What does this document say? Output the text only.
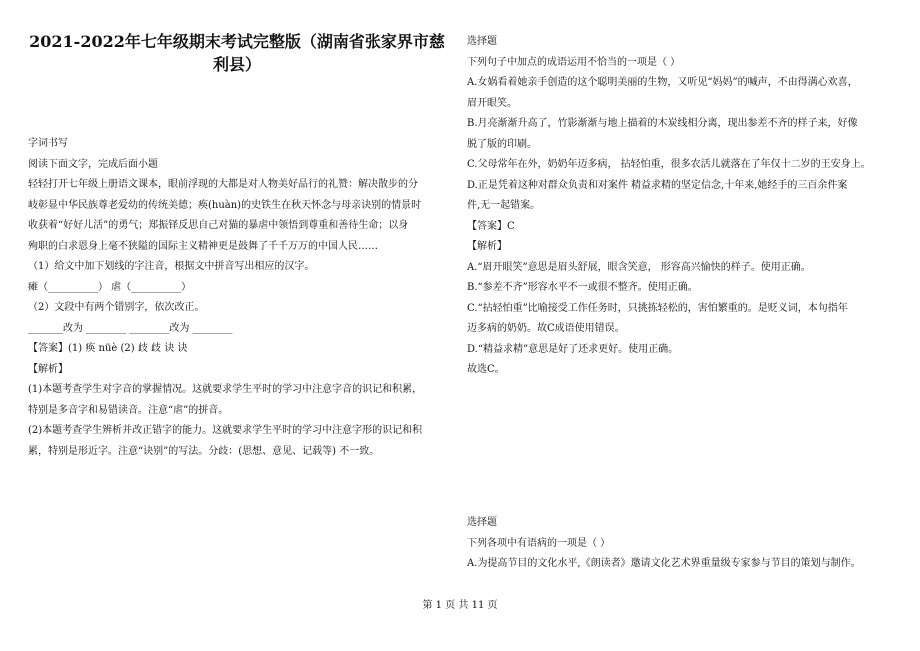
2021-2022年七年级期末考试完整版（湖南省张家界市慈
利县）

字词书写

阅读下面文字，完成后面小题

轻轻打开七年级上册语文课本，眼前浮现的大都是对人物美好品行的礼赞：解决散步的分

岐彰显中华民族尊老爱幼的传统美德；痪(huàn)的史铁生在秋天怀念与母亲诀别的情景时

收获着“好好儿活”的勇气；郑振铎反思自己对猫的暴虐中领悟到尊重和善待生命；以身

殉职的白求恩身上毫不狭隘的国际主义精神更是鼓舞了千千万万的中国人民……

（1）给文中加下划线的字注音，根据文中拼音写出相应的汉字。

瘫（__________） 虐（__________）

（2）文段中有两个错别字，依次改正。

_______改为 ________ ________改为 ________

【答案】(1) 痪 nüè (2) 歧 歧 诀 诀

【解析】

(1)本题考查学生对字音的掌握情况。这就要求学生平时的学习中注意字音的识记和积累，

特别是多音字和易错读音。注意“虐”的拼音。

(2)本题考查学生辨析并改正错字的能力。这就要求学生平时的学习中注意字形的识记和积

累，特别是形近字。注意“诀别”的写法。分歧：(思想、意见、记载等) 不一致。

选择题

下列句子中加点的成语运用不恰当的一项是（ ）

A.女娲看着她亲手创造的这个聪明美丽的生物，又听见“妈妈”的喊声，不由得满心欢喜，

眉开眼笑。

B.月亮渐渐升高了，竹影渐渐与地上描着的木炭线相分离，现出参差不齐的样子来，好像

脱了版的印刷。

C.父母常年在外，奶奶年迈多病， 拈轻怕重，很多农活儿就落在了年仅十二岁的王安身上。

D.正是凭着这种对群众负责和对案件 精益求精的坚定信念,十年来,她经手的三百余件案

件,无一起错案。

【答案】C

【解析】

A.“眉开眼笑”意思是眉头舒展，眼含笑意， 形容高兴愉快的样子。使用正确。

B.“参差不齐”形容水平不一或很不整齐。使用正确。

C.“拈轻怕重”比喻接受工作任务时，只挑拣轻松的，害怕繁重的。是贬义词，本句指年

迈多病的奶奶。故C成语使用错误。

D.“精益求精”意思是好了还求更好。使用正确。

故选C。

选择题

下列各项中有语病的一项是（ ）

A.为提高节目的文化水平,《朗读者》邀请文化艺术界重量级专家参与节目的策划与制作。

第 1 页 共 11 页
